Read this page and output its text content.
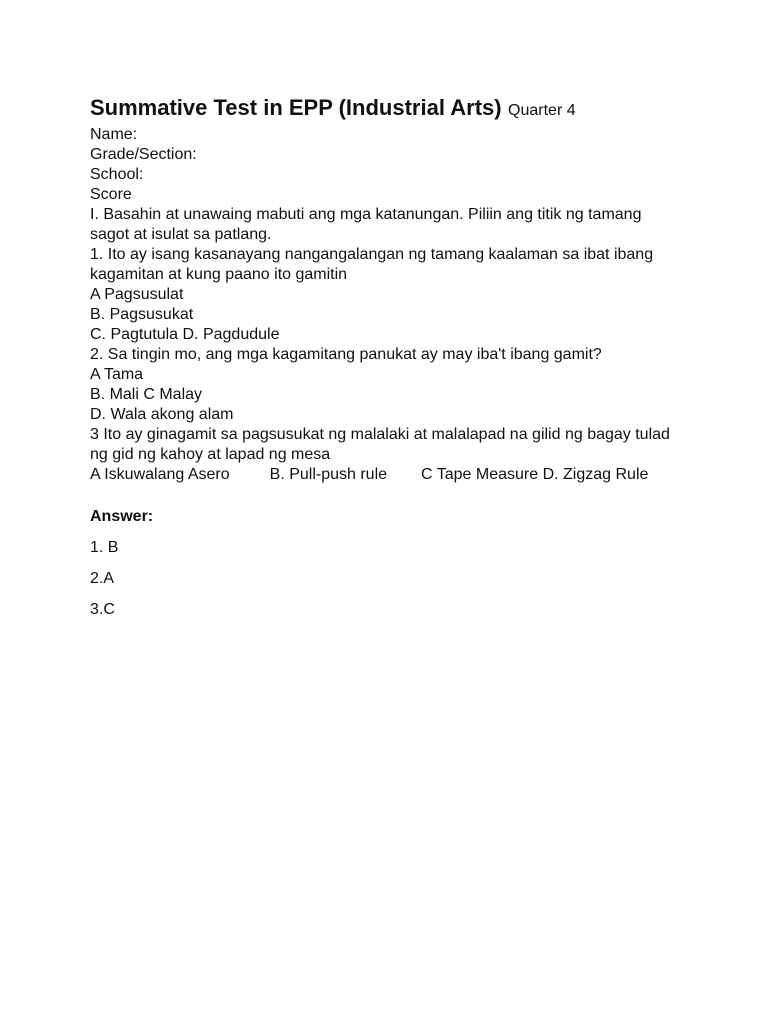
Summative Test in EPP (Industrial Arts) Quarter 4
Name:
Grade/Section:
School:
Score
I. Basahin at unawaing mabuti ang mga katanungan. Piliin ang titik ng tamang sagot at isulat sa patlang.
1. Ito ay isang kasanayang nangangalangan ng tamang kaalaman sa ibat ibang kagamitan at kung paano ito gamitin
A Pagsusulat
B. Pagsusukat
C. Pagtutula D. Pagdudule
2. Sa tingin mo, ang mga kagamitang panukat ay may iba't ibang gamit?
A Tama
B. Mali C Malay
D. Wala akong alam
3 Ito ay ginagamit sa pagsusukat ng malalaki at malalapad na gilid ng bagay tulad ng gid ng kahoy at lapad ng mesa
A Iskuwalang Asero	B. Pull-push rule C Tape Measure D. Zigzag Rule
Answer:
1. B
2.A
3.C
